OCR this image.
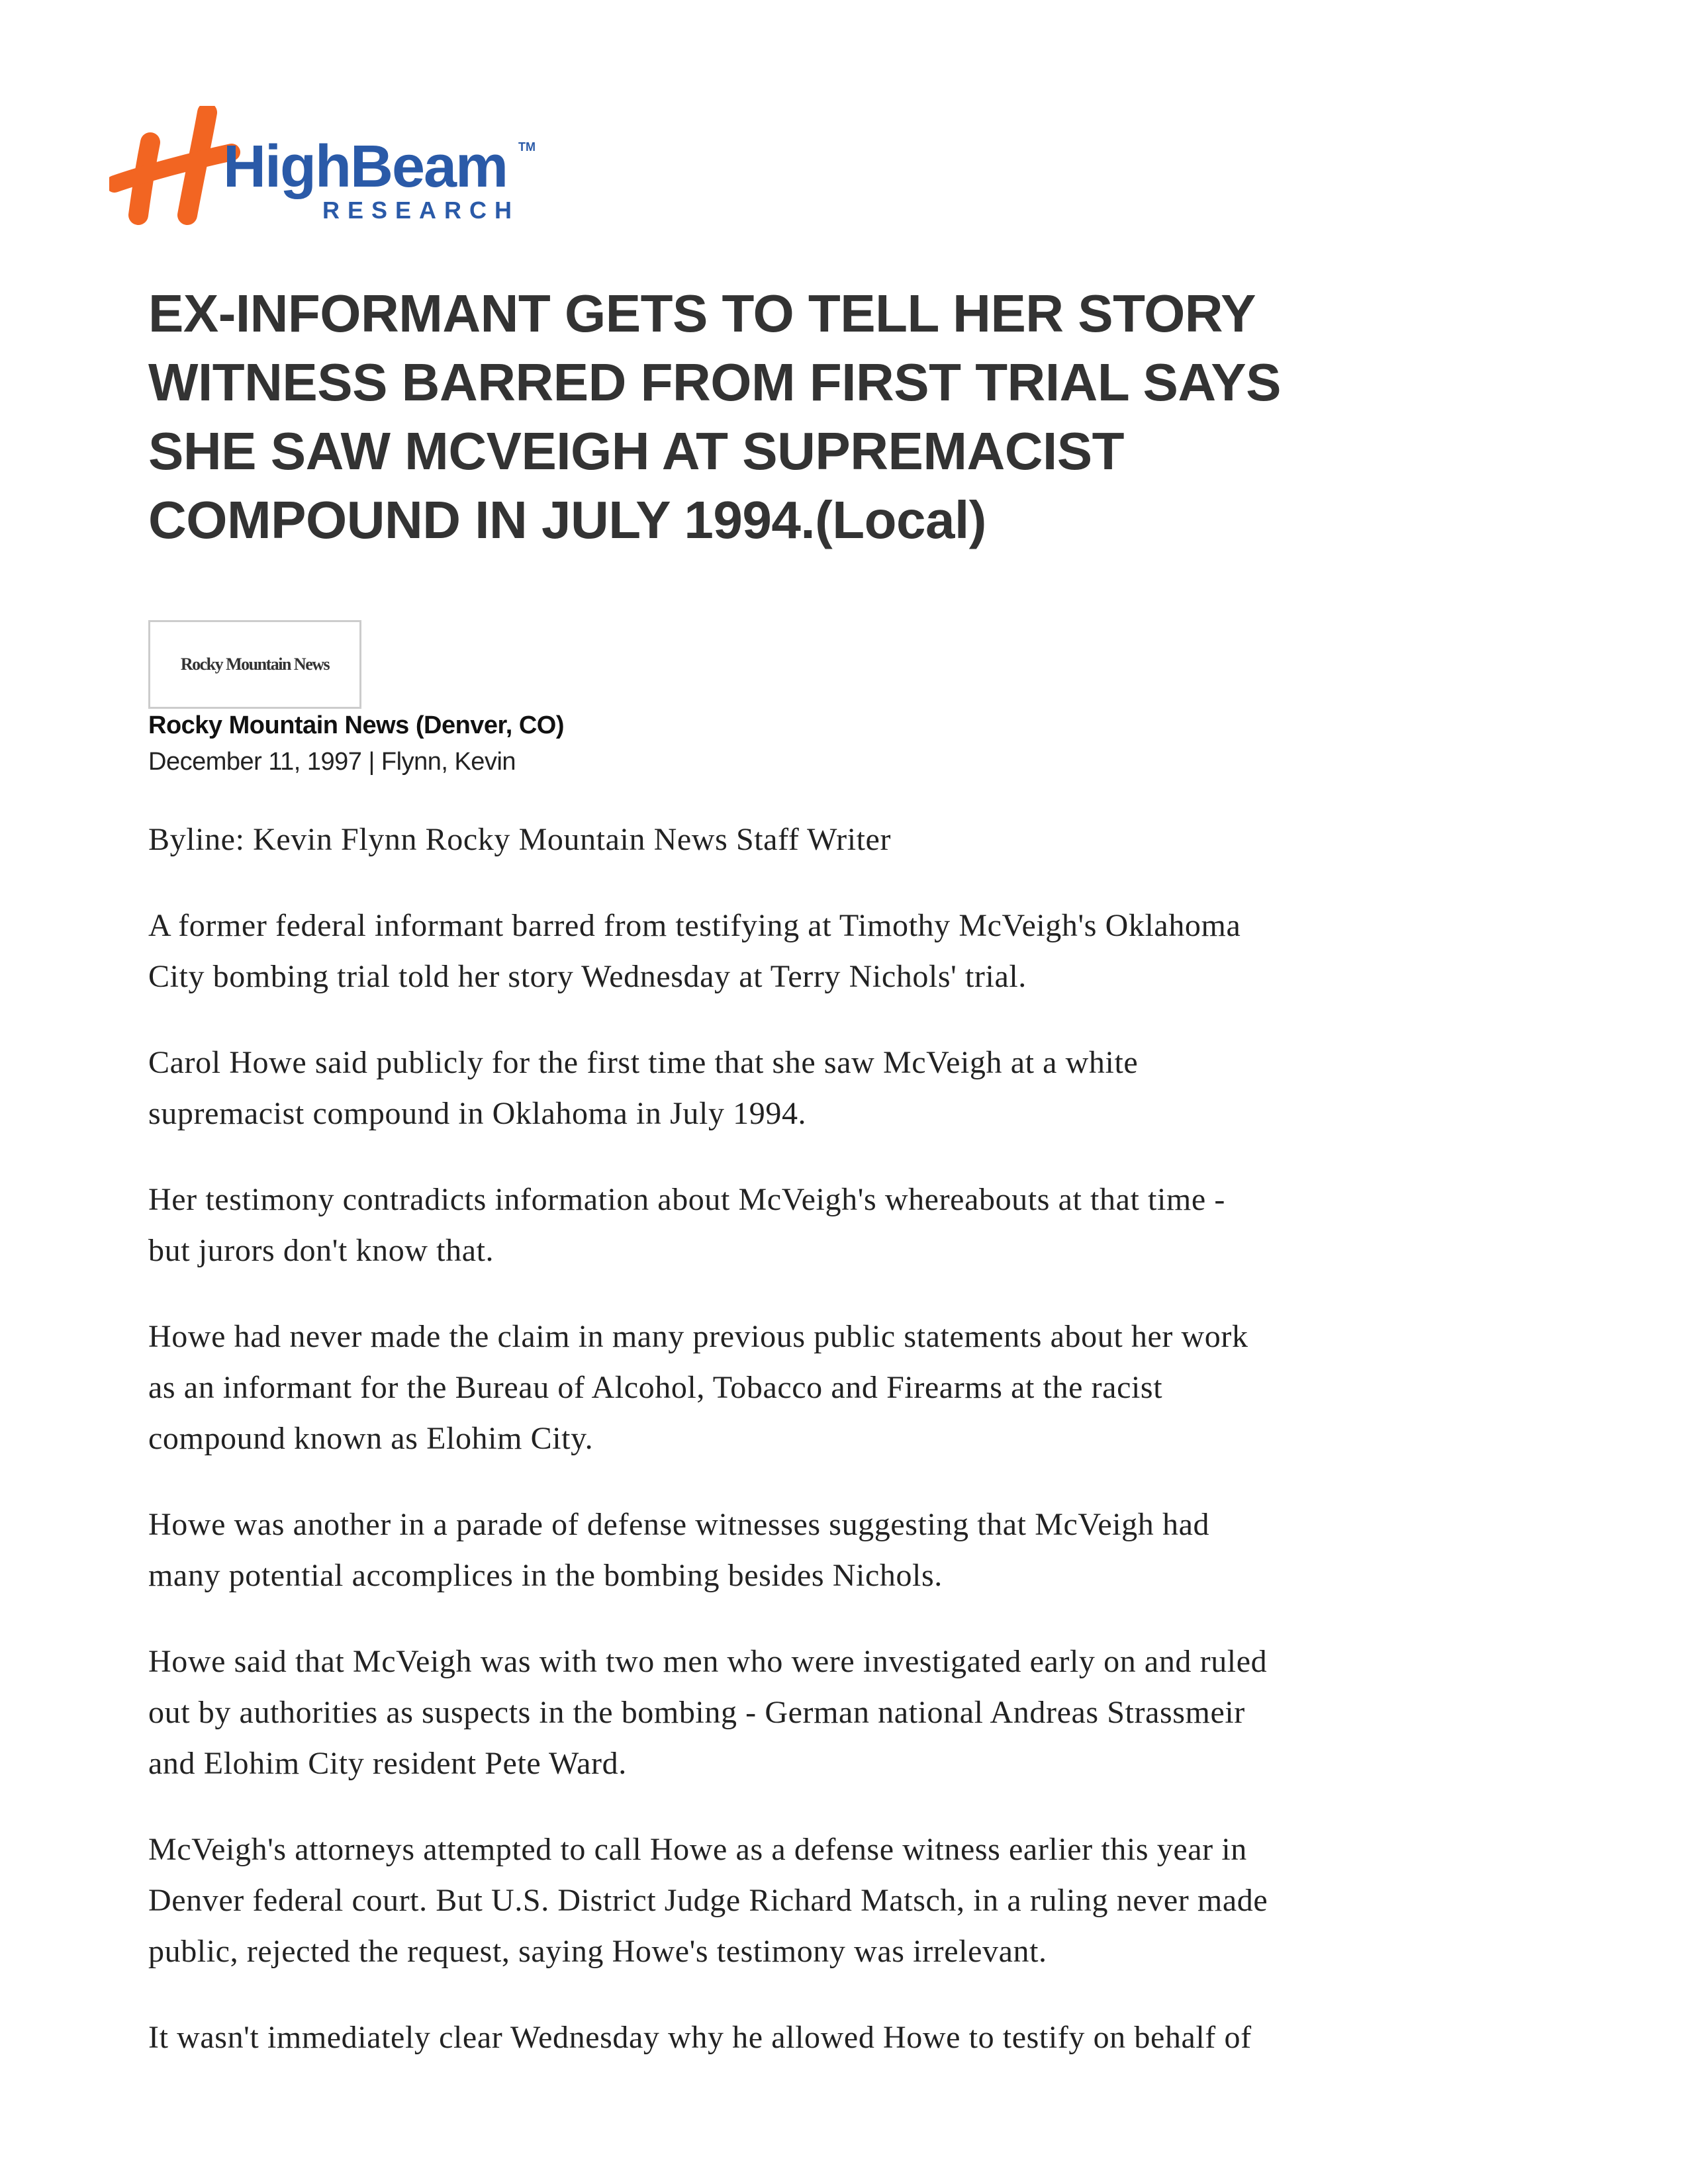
HighBeam TM
RESEARCH
EX-INFORMANT GETS TO TELL HER STORY
WITNESS BARRED FROM FIRST TRIAL SAYS
SHE SAW MCVEIGH AT SUPREMACIST
COMPOUND IN JULY 1994.(Local)
Rocky Mountain News
Rocky Mountain News (Denver, CO)
December 11, 1997 | Flynn, Kevin

Byline: Kevin Flynn Rocky Mountain News Staff Writer

A former federal informant barred from testifying at Timothy McVeigh's Oklahoma
City bombing trial told her story Wednesday at Terry Nichols' trial.

Carol Howe said publicly for the first time that she saw McVeigh at a white
supremacist compound in Oklahoma in July 1994.

Her testimony contradicts information about McVeigh's whereabouts at that time -
but jurors don't know that.

Howe had never made the claim in many previous public statements about her work
as an informant for the Bureau of Alcohol, Tobacco and Firearms at the racist
compound known as Elohim City.

Howe was another in a parade of defense witnesses suggesting that McVeigh had
many potential accomplices in the bombing besides Nichols.

Howe said that McVeigh was with two men who were investigated early on and ruled
out by authorities as suspects in the bombing - German national Andreas Strassmeir
and Elohim City resident Pete Ward.

McVeigh's attorneys attempted to call Howe as a defense witness earlier this year in
Denver federal court. But U.S. District Judge Richard Matsch, in a ruling never made
public, rejected the request, saying Howe's testimony was irrelevant.

It wasn't immediately clear Wednesday why he allowed Howe to testify on behalf of
